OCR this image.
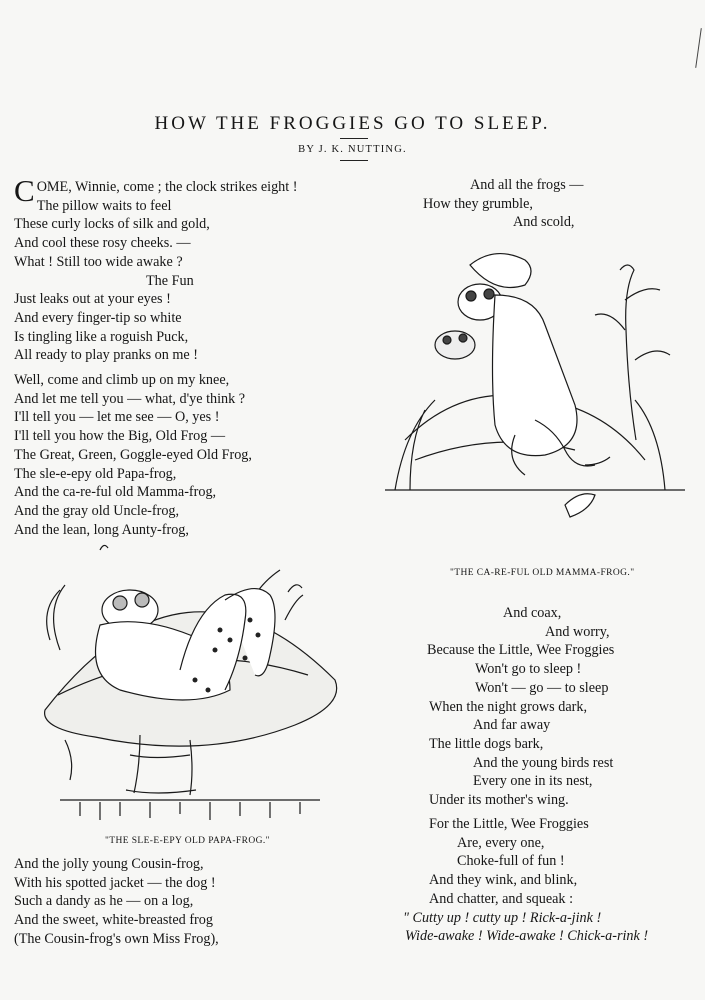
HOW THE FROGGIES GO TO SLEEP.
BY J. K. NUTTING.
COME, Winnie, come ; the clock strikes eight !
The pillow waits to feel
These curly locks of silk and gold,
And cool these rosy cheeks. —
What ! Still too wide awake ?
The Fun
Just leaks out at your eyes !
And every finger-tip so white
Is tingling like a roguish Puck,
All ready to play pranks on me !
Well, come and climb up on my knee,
And let me tell you — what, d'ye think ?
I'll tell you — let me see — O, yes !
I'll tell you how the Big, Old Frog —
The Great, Green, Goggle-eyed Old Frog,
The sle-e-epy old Papa-frog,
And the ca-re-ful old Mamma-frog,
And the gray old Uncle-frog,
And the lean, long Aunty-frog,
"THE SLE-E-EPY OLD PAPA-FROG."
And the jolly young Cousin-frog,
With his spotted jacket — the dog !
Such a dandy as he — on a log,
And the sweet, white-breasted frog
(The Cousin-frog's own Miss Frog),
And all the frogs —
How they grumble,
And scold,
"THE CA-RE-FUL OLD MAMMA-FROG."
And coax,
And worry,
Because the Little, Wee Froggies
Won't go to sleep !
Won't — go — to sleep
When the night grows dark,
And far away
The little dogs bark,
And the young birds rest
Every one in its nest,
Under its mother's wing.
For the Little, Wee Froggies
Are, every one,
Choke-full of fun !
And they wink, and blink,
And chatter, and squeak :
" Cutty up ! cutty up ! Rick-a-jink !
Wide-awake ! Wide-awake ! Chick-a-rink !
